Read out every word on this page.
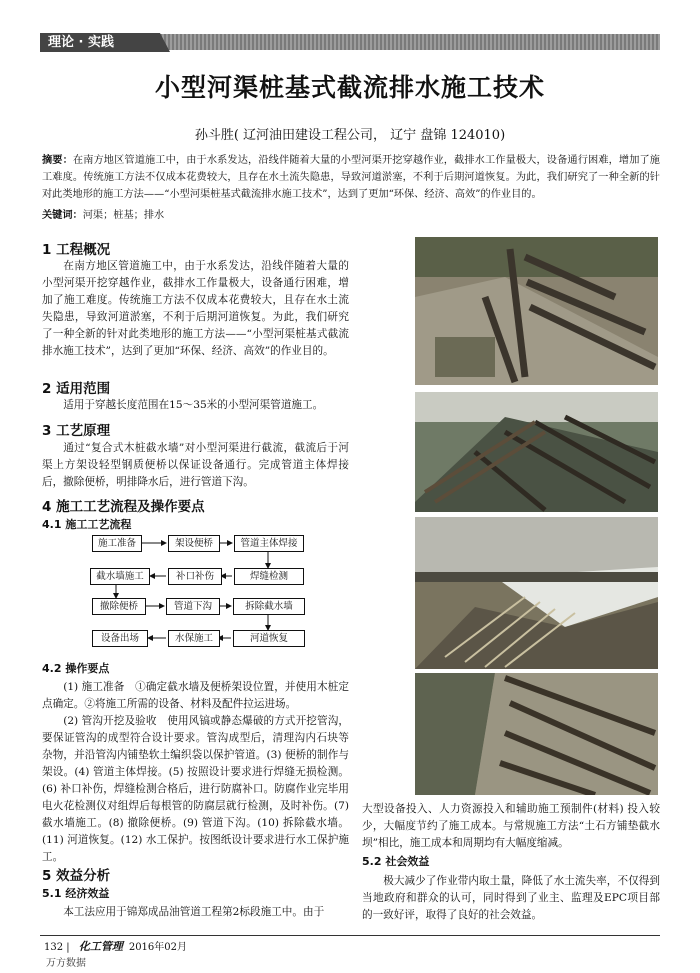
理论 · 实践
小型河渠桩基式截流排水施工技术
孙斗胜( 辽河油田建设工程公司， 辽宁 盘锦 124010)
摘要：在南方地区管道施工中，由于水系发达，沿线伴随着大量的小型河渠开挖穿越作业，截排水工作量极大，设备通行困难，增加了施工难度。传统施工方法不仅成本花费较大，且存在水土流失隐患，导致河道淤塞，不利于后期河道恢复。为此，我们研究了一种全新的针对此类地形的施工方法——“小型河渠桩基式截流排水施工技术”，达到了更加“环保、经济、高效”的作业目的。
关键词：河渠；桩基；排水
1 工程概况
在南方地区管道施工中，由于水系发达，沿线伴随着大量的小型河渠开挖穿越作业，截排水工作量极大，设备通行困难，增加了施工难度。传统施工方法不仅成本花费较大，且存在水土流失隐患，导致河道淤塞，不利于后期河道恢复。为此，我们研究了一种全新的针对此类地形的施工方法——“小型河渠桩基式截流排水施工技术”，达到了更加“环保、经济、高效”的作业目的。
2 适用范围
适用于穿越长度范围在15～35米的小型河渠管道施工。
3 工艺原理
通过“复合式木桩截水墙”对小型河渠进行截流，截流后于河渠上方架设轻型钢质便桥以保证设备通行。完成管道主体焊接后，撤除便桥，明排降水后，进行管道下沟。
4 施工工艺流程及操作要点
4.1 施工工艺流程
施工准备	架设便桥	管道主体焊接
截水墙施工	补口补伤	焊缝检测
撤除便桥	管道下沟	拆除截水墙
设备出场	水保施工	河道恢复
4.2 操作要点
(1) 施工准备　①确定截水墙及便桥架设位置，并使用木桩定点确定。②将施工所需的设备、材料及配件拉运进场。
(2) 管沟开挖及验收　使用风镐或静态爆破的方式开挖管沟，要保证管沟的成型符合设计要求。管沟成型后，清理沟内石块等杂物，并沿管沟内铺垫软土编织袋以保护管道。(3) 便桥的制作与架设。(4) 管道主体焊接。(5) 按照设计要求进行焊缝无损检测。(6) 补口补伤，焊缝检测合格后，进行防腐补口。防腐作业完毕用电火花检测仪对组焊后每根管的防腐层就行检测，及时补伤。(7) 截水墙施工。(8) 撤除便桥。(9) 管道下沟。(10) 拆除截水墙。(11) 河道恢复。(12) 水工保护。按图纸设计要求进行水工保护施工。
5 效益分析
5.1 经济效益
本工法应用于锦郑成品油管道工程第2标段施工中。由于
大型设备投入、人力资源投入和辅助施工预制件(材料) 投入较少，大幅度节约了施工成本。与常规施工方法“土石方铺垫截水坝”相比，施工成本和周期均有大幅度缩减。
5.2 社会效益
极大减少了作业带内取土量，降低了水土流失率，不仅得到当地政府和群众的认可，同时得到了业主、监理及EPC项目部的一致好评，取得了良好的社会效益。
132 | 化工管理 2016年02月
万方数据
